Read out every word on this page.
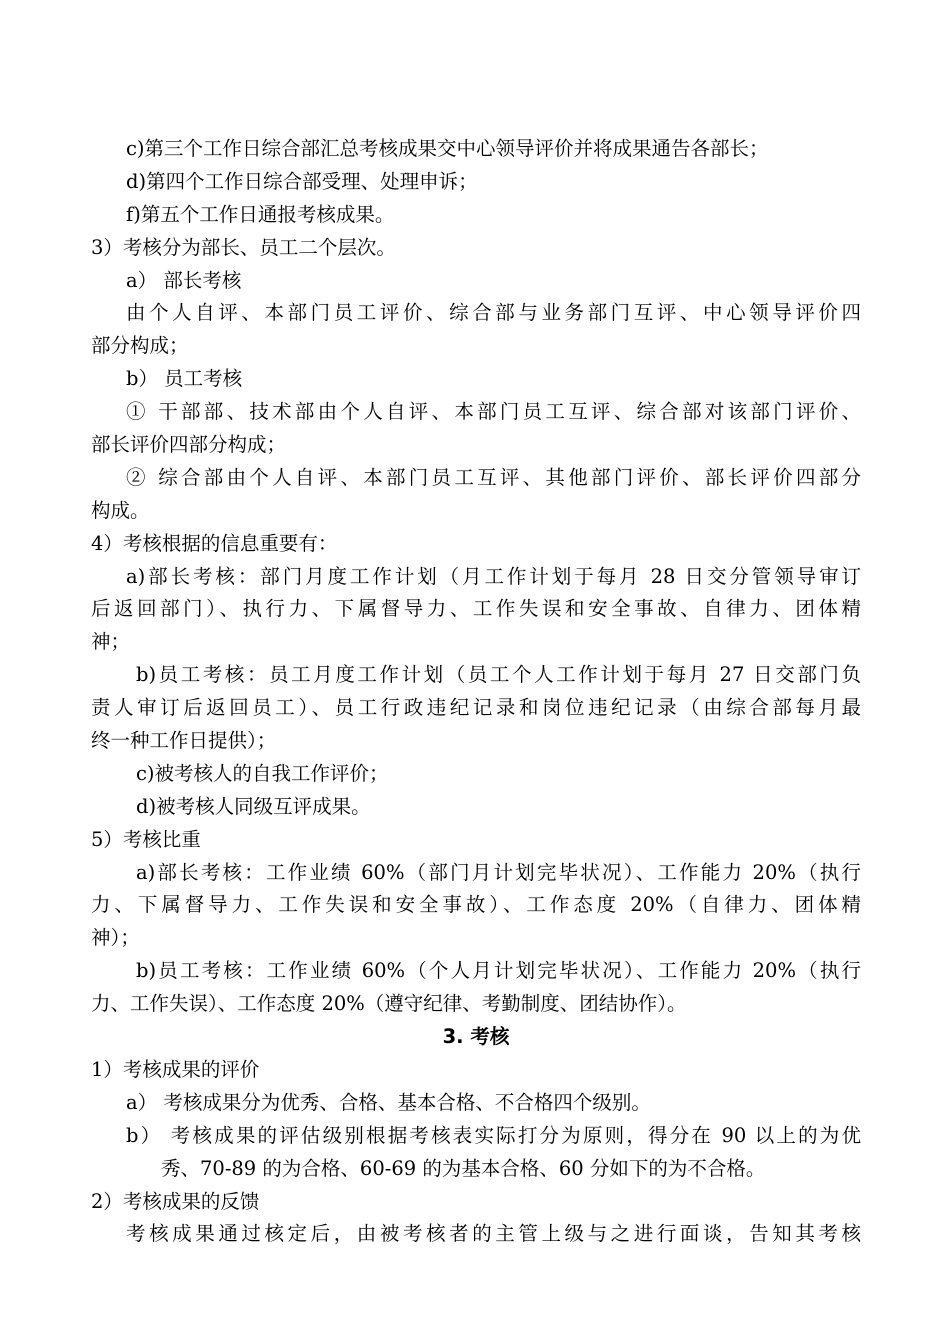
c)第三个工作日综合部汇总考核成果交中心领导评价并将成果通告各部长；
d)第四个工作日综合部受理、处理申诉；
f)第五个工作日通报考核成果。
3）考核分为部长、员工二个层次。
a） 部长考核
由个人自评、本部门员工评价、综合部与业务部门互评、中心领导评价四
部分构成；
b） 员工考核
① 干部部、技术部由个人自评、本部门员工互评、综合部对该部门评价、
部长评价四部分构成；
② 综合部由个人自评、本部门员工互评、其他部门评价、部长评价四部分
构成。
4）考核根据的信息重要有：
a)部长考核：部门月度工作计划（月工作计划于每月 28 日交分管领导审订
后返回部门）、执行力、下属督导力、工作失误和安全事故、自律力、团体精
神；
b)员工考核：员工月度工作计划（员工个人工作计划于每月 27 日交部门负
责人审订后返回员工）、员工行政违纪记录和岗位违纪记录（由综合部每月最
终一种工作日提供）；
c)被考核人的自我工作评价；
d)被考核人同级互评成果。
5）考核比重
a)部长考核：工作业绩 60%（部门月计划完毕状况）、工作能力 20%（执行
力、下属督导力、工作失误和安全事故）、工作态度 20%（自律力、团体精
神）；
b)员工考核：工作业绩 60%（个人月计划完毕状况）、工作能力 20%（执行
力、工作失误）、工作态度 20%（遵守纪律、考勤制度、团结协作）。
3. 考核
1）考核成果的评价
a） 考核成果分为优秀、合格、基本合格、不合格四个级别。
b） 考核成果的评估级别根据考核表实际打分为原则，得分在 90 以上的为优
秀、70-89 的为合格、60-69 的为基本合格、60 分如下的为不合格。
2）考核成果的反馈
考核成果通过核定后，由被考核者的主管上级与之进行面谈，告知其考核
